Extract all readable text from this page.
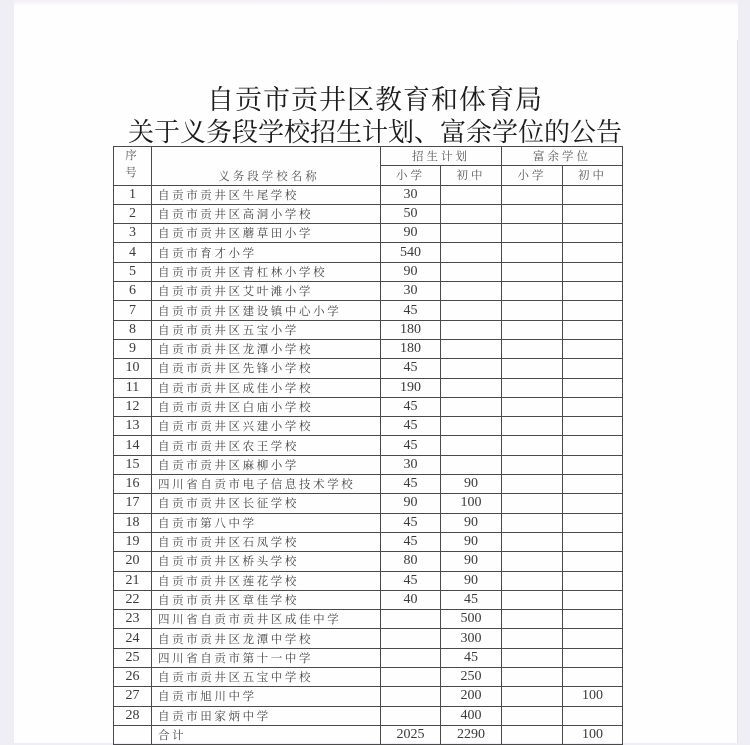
自贡市贡井区教育和体育局
关于义务段学校招生计划、富余学位的公告
序
号	义务段学校名称	招生计划		富余学位	
		小学	初中	小学	初中
1	自贡市贡井区牛尾学校	30			
2	自贡市贡井区高洞小学校	50			
3	自贡市贡井区蘑草田小学	90			
4	自贡市育才小学	540			
5	自贡市贡井区青杠林小学校	90			
6	自贡市贡井区艾叶滩小学	30			
7	自贡市贡井区建设镇中心小学	45			
8	自贡市贡井区五宝小学	180			
9	自贡市贡井区龙潭小学校	180			
10	自贡市贡井区先锋小学校	45			
11	自贡市贡井区成佳小学校	190			
12	自贡市贡井区白庙小学校	45			
13	自贡市贡井区兴建小学校	45			
14	自贡市贡井区农王学校	45			
15	自贡市贡井区麻柳小学	30			
16	四川省自贡市电子信息技术学校	45	90		
17	自贡市贡井区长征学校	90	100		
18	自贡市第八中学	45	90		
19	自贡市贡井区石凤学校	45	90		
20	自贡市贡井区桥头学校	80	90		
21	自贡市贡井区莲花学校	45	90		
22	自贡市贡井区章佳学校	40	45		
23	四川省自贡市贡井区成佳中学		500		
24	自贡市贡井区龙潭中学校		300		
25	四川省自贡市第十一中学		45		
26	自贡市贡井区五宝中学校		250		
27	自贡市旭川中学		200		100
28	自贡市田家炳中学		400		
	合计	2025	2290		100
